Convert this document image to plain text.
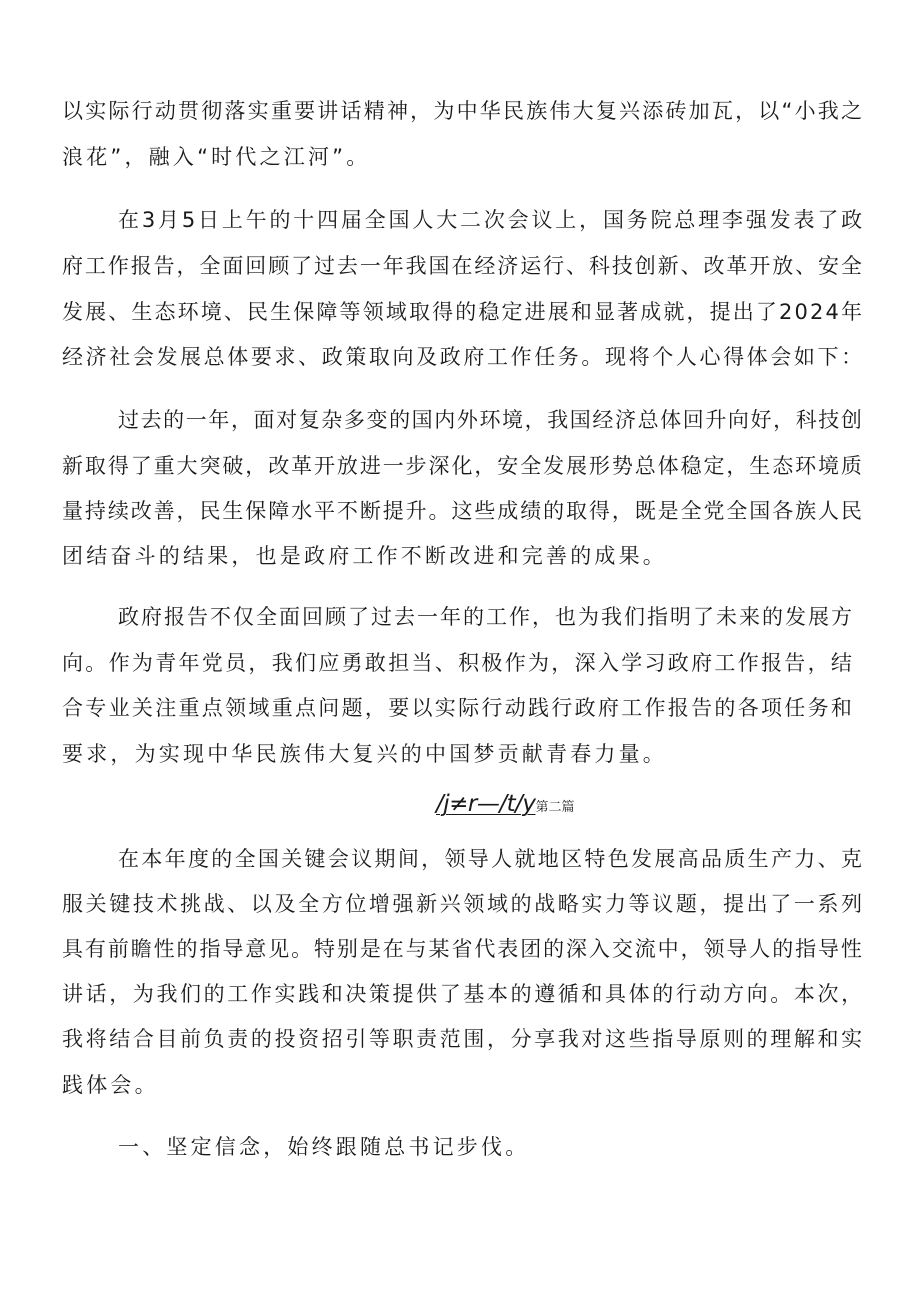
以实际行动贯彻落实重要讲话精神，为中华民族伟大复兴添砖加瓦，以“小我之
浪花”，融入“时代之江河”。
在3月5日上午的十四届全国人大二次会议上，国务院总理李强发表了政
府工作报告，全面回顾了过去一年我国在经济运行、科技创新、改革开放、安全
发展、生态环境、民生保障等领域取得的稳定进展和显著成就，提出了2024年
经济社会发展总体要求、政策取向及政府工作任务。现将个人心得体会如下：
过去的一年，面对复杂多变的国内外环境，我国经济总体回升向好，科技创
新取得了重大突破，改革开放进一步深化，安全发展形势总体稳定，生态环境质
量持续改善，民生保障水平不断提升。这些成绩的取得，既是全党全国各族人民
团结奋斗的结果，也是政府工作不断改进和完善的成果。
政府报告不仅全面回顾了过去一年的工作，也为我们指明了未来的发展方
向。作为青年党员，我们应勇敢担当、积极作为，深入学习政府工作报告，结
合专业关注重点领域重点问题，要以实际行动践行政府工作报告的各项任务和
要求，为实现中华民族伟大复兴的中国梦贡献青春力量。
在本年度的全国关键会议期间，领导人就地区特色发展高品质生产力、克
服关键技术挑战、以及全方位增强新兴领域的战略实力等议题，提出了一系列
具有前瞻性的指导意见。特别是在与某省代表团的深入交流中，领导人的指导性
讲话，为我们的工作实践和决策提供了基本的遵循和具体的行动方向。本次，
我将结合目前负责的投资招引等职责范围，分享我对这些指导原则的理解和实
践体会。
一、坚定信念，始终跟随总书记步伐。
/j≠r—/t/y第二篇
